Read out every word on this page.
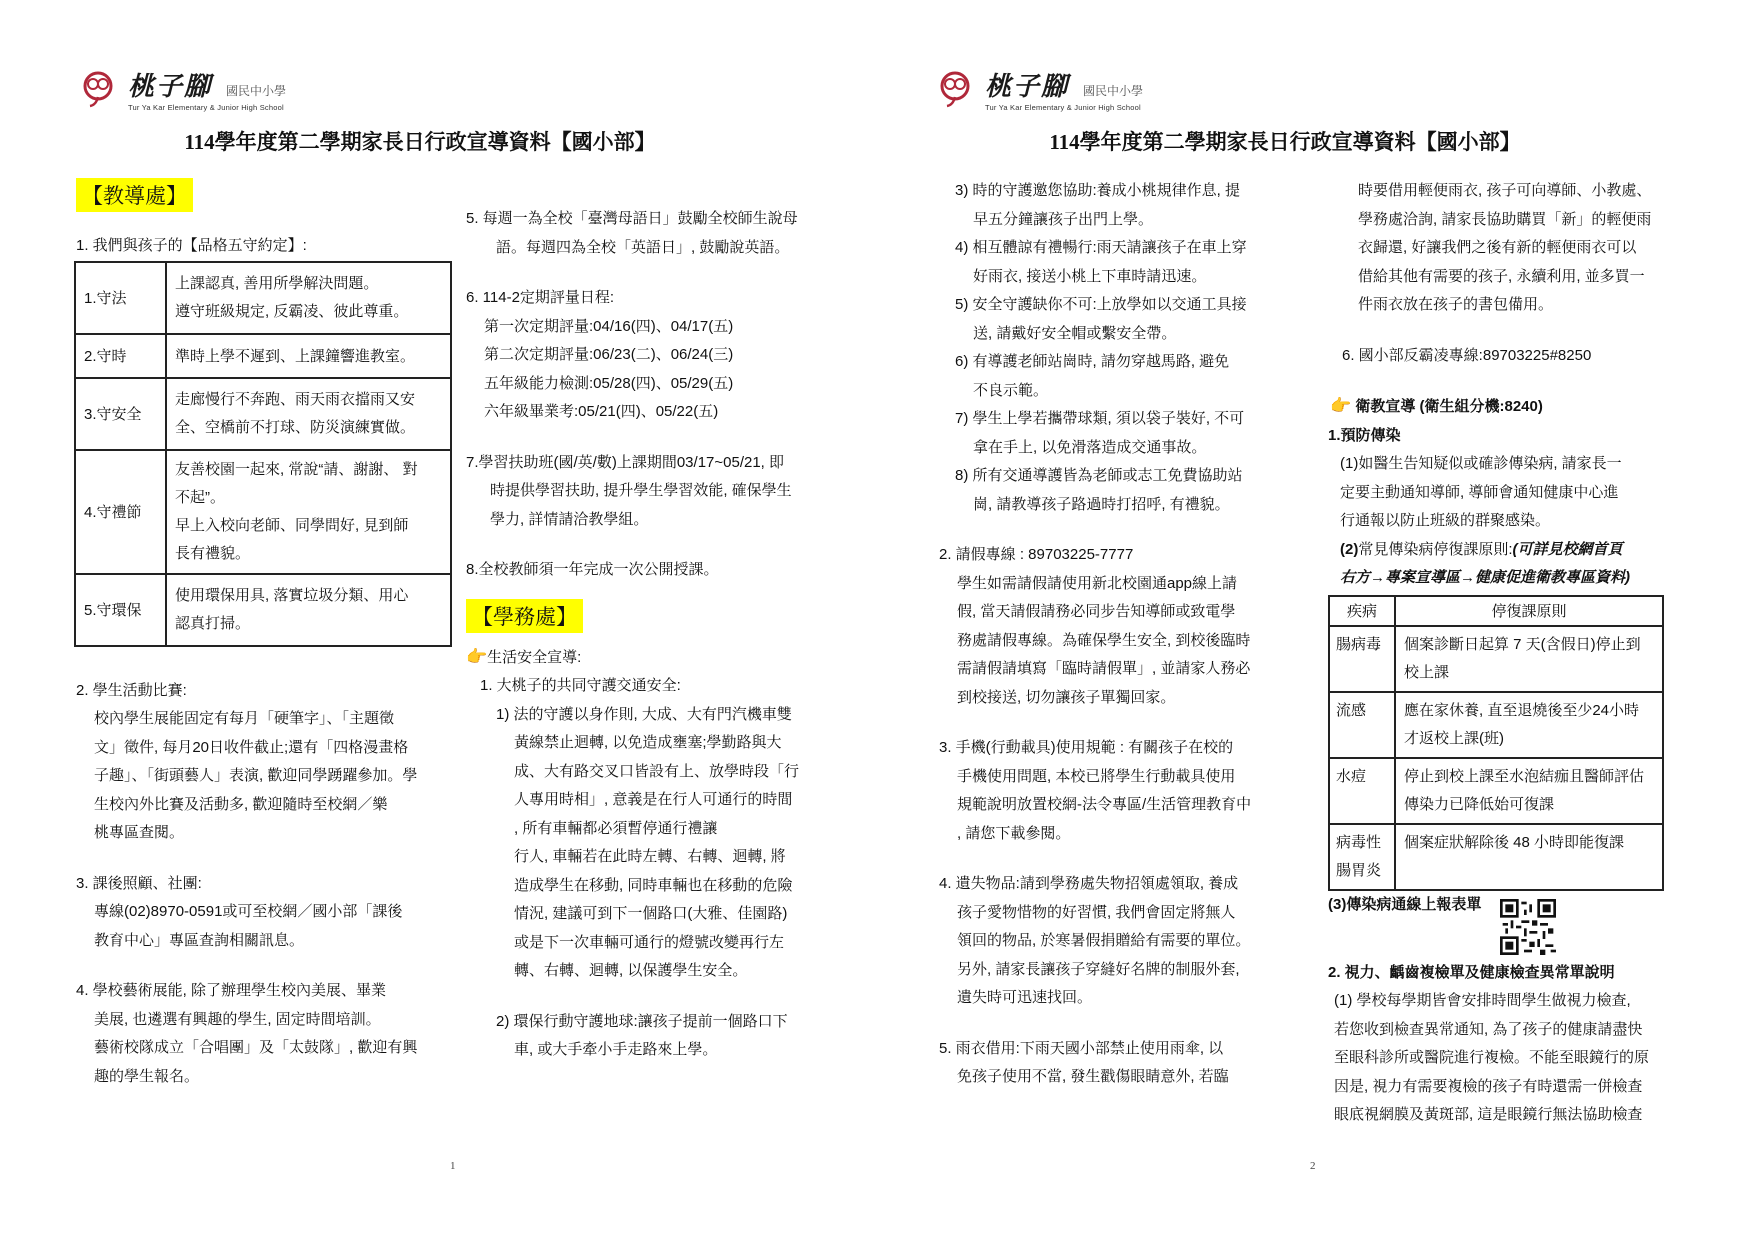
桃子腳 國民中小學
Tur Ya Kar Elementary & Junior High School
114學年度第二學期家長日行政宣導資料【國小部】
【教導處】
1. 我們與孩子的【品格五守約定】:
1.守法	上課認真, 善用所學解決問題。
遵守班級規定, 反霸凌、彼此尊重。

2.守時	準時上學不遲到、上課鐘響進教室。

3.守安全	走廊慢行不奔跑、雨天雨衣擋雨又安
全、空橋前不打球、防災演練實做。

4.守禮節	友善校園一起來, 常說“請、謝謝、 對
不起”。
早上入校向老師、同學問好, 見到師
長有禮貌。

5.守環保	使用環保用具, 落實垃圾分類、用心
認真打掃。
2. 學生活動比賽:
校內學生展能固定有每月「硬筆字」、「主題徵
文」徵件, 每月20日收件截止;還有「四格漫畫格
子趣」、「街頭藝人」表演, 歡迎同學踴躍參加。學
生校內外比賽及活動多, 歡迎隨時至校網／樂
桃專區查閱。
3. 課後照顧、社團:
專線(02)8970-0591或可至校網／國小部「課後
教育中心」專區查詢相關訊息。
4. 學校藝術展能, 除了辦理學生校內美展、畢業
美展, 也遴選有興趣的學生, 固定時間培訓。
藝術校隊成立「合唱團」及「太鼓隊」, 歡迎有興
趣的學生報名。
5. 每週一為全校「臺灣母語日」鼓勵全校師生說母
語。每週四為全校「英語日」, 鼓勵說英語。
6. 114-2定期評量日程:
第一次定期評量:04/16(四)、04/17(五)
第二次定期評量:06/23(二)、06/24(三)
五年級能力檢測:05/28(四)、05/29(五)
六年級畢業考:05/21(四)、05/22(五)
7.學習扶助班(國/英/數)上課期間03/17~05/21, 即
時提供學習扶助, 提升學生學習效能, 確保學生
學力, 詳情請洽教學組。
8.全校教師須一年完成一次公開授課。
【學務處】
👉生活安全宣導:
1. 大桃子的共同守護交通安全:
1) 法的守護以身作則, 大成、大有門汽機車雙
黃線禁止迴轉, 以免造成壅塞;學勤路與大
成、大有路交叉口皆設有上、放學時段「行
人專用時相」, 意義是在行人可通行的時間
, 所有車輛都必須暫停通行禮讓
行人, 車輛若在此時左轉、右轉、迴轉, 將
造成學生在移動, 同時車輛也在移動的危險
情況, 建議可到下一個路口(大雅、佳園路)
或是下一次車輛可通行的燈號改變再行左
轉、右轉、迴轉, 以保護學生安全。
2) 環保行動守護地球:讓孩子提前一個路口下
車, 或大手牽小手走路來上學。
1
桃子腳 國民中小學
Tur Ya Kar Elementary & Junior High School
114學年度第二學期家長日行政宣導資料【國小部】
3) 時的守護邀您協助:養成小桃規律作息, 提
早五分鐘讓孩子出門上學。
4) 相互體諒有禮暢行:雨天請讓孩子在車上穿
好雨衣, 接送小桃上下車時請迅速。
5) 安全守護缺你不可:上放學如以交通工具接
送, 請戴好安全帽或繫安全帶。
6) 有導護老師站崗時, 請勿穿越馬路, 避免
不良示範。
7) 學生上學若攜帶球類, 須以袋子裝好, 不可
拿在手上, 以免滑落造成交通事故。
8) 所有交通導護皆為老師或志工免費協助站
崗, 請教導孩子路過時打招呼, 有禮貌。
2. 請假專線 : 89703225-7777
學生如需請假請使用新北校園通app線上請
假, 當天請假請務必同步告知導師或致電學
務處請假專線。為確保學生安全, 到校後臨時
需請假請填寫「臨時請假單」, 並請家人務必
到校接送, 切勿讓孩子單獨回家。
3. 手機(行動載具)使用規範 : 有關孩子在校的
手機使用問題, 本校已將學生行動載具使用
規範說明放置校網-法令專區/生活管理教育中
, 請您下載參閱。
4. 遺失物品:請到學務處失物招領處領取, 養成
孩子愛物惜物的好習慣, 我們會固定將無人
領回的物品, 於寒暑假捐贈給有需要的單位。
另外, 請家長讓孩子穿縫好名牌的制服外套,
遺失時可迅速找回。
5. 雨衣借用:下雨天國小部禁止使用雨傘, 以
免孩子使用不當, 發生戳傷眼睛意外, 若臨
2
時要借用輕便雨衣, 孩子可向導師、小教處、
學務處洽詢, 請家長協助購買「新」的輕便雨
衣歸還, 好讓我們之後有新的輕便雨衣可以
借給其他有需要的孩子, 永續利用, 並多買一
件雨衣放在孩子的書包備用。
6. 國小部反霸凌專線:89703225#8250
👉 衛教宣導 (衛生組分機:8240)
1.預防傳染
(1)如醫生告知疑似或確診傳染病, 請家長一
定要主動通知導師, 導師會通知健康中心進
行通報以防止班級的群聚感染。
(2)常見傳染病停復課原則:(可詳見校網首頁
右方→專案宣導區→健康促進衛教專區資料)
疾病	停復課原則
腸病毒	個案診斷日起算 7 天(含假日)停止到
校上課

流感	應在家休養, 直至退燒後至少24小時
才返校上課(班)

水痘	停止到校上課至水泡結痂且醫師評估
傳染力已降低始可復課

病毒性
腸胃炎	個案症狀解除後 48 小時即能復課
(3)傳染病通線上報表單
2. 視力、齲齒複檢單及健康檢查異常單說明
(1) 學校每學期皆會安排時間學生做視力檢查,
若您收到檢查異常通知, 為了孩子的健康請盡快
至眼科診所或醫院進行複檢。不能至眼鏡行的原
因是, 視力有需要複檢的孩子有時還需一併檢查
眼底視網膜及黃斑部, 這是眼鏡行無法協助檢查
